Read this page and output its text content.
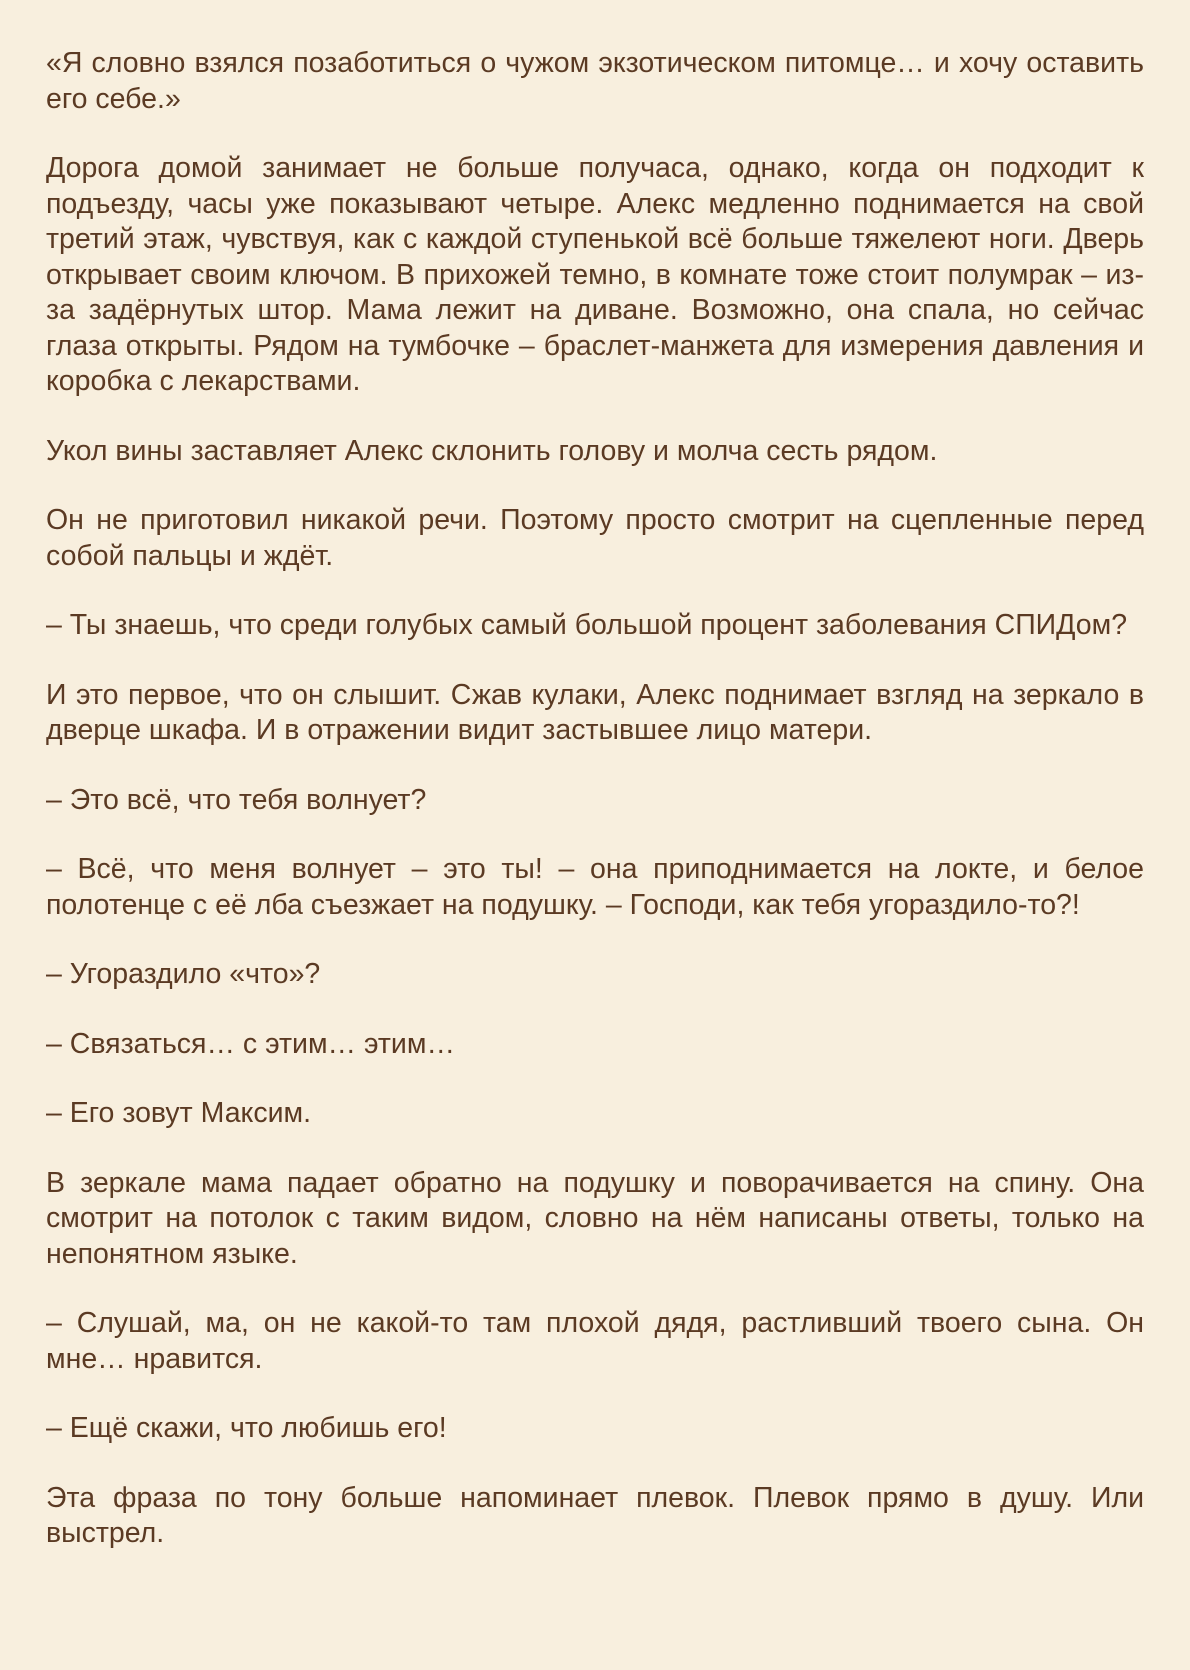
«Я словно взялся позаботиться о чужом экзотическом питомце… и хочу оставить его себе.»

Дорога домой занимает не больше получаса, однако, когда он подходит к подъезду, часы уже показывают четыре. Алекс медленно поднимается на свой третий этаж, чувствуя, как с каждой ступенькой всё больше тяжелеют ноги. Дверь открывает своим ключом. В прихожей темно, в комнате тоже стоит полумрак – из-за задёрнутых штор. Мама лежит на диване. Возможно, она спала, но сейчас глаза открыты. Рядом на тумбочке – браслет-манжета для измерения давления и коробка с лекарствами.

Укол вины заставляет Алекс склонить голову и молча сесть рядом.

Он не приготовил никакой речи. Поэтому просто смотрит на сцепленные перед собой пальцы и ждёт.

– Ты знаешь, что среди голубых самый большой процент заболевания СПИДом?

И это первое, что он слышит. Сжав кулаки, Алекс поднимает взгляд на зеркало в дверце шкафа. И в отражении видит застывшее лицо матери.

– Это всё, что тебя волнует?

– Всё, что меня волнует – это ты! – она приподнимается на локте, и белое полотенце с её лба съезжает на подушку. – Господи, как тебя угораздило-то?!

– Угораздило «что»?

– Связаться… с этим… этим…

– Его зовут Максим.

В зеркале мама падает обратно на подушку и поворачивается на спину. Она смотрит на потолок с таким видом, словно на нём написаны ответы, только на непонятном языке.

– Слушай, ма, он не какой-то там плохой дядя, растливший твоего сына. Он мне… нравится.

– Ещё скажи, что любишь его!

Эта фраза по тону больше напоминает плевок. Плевок прямо в душу. Или выстрел.
